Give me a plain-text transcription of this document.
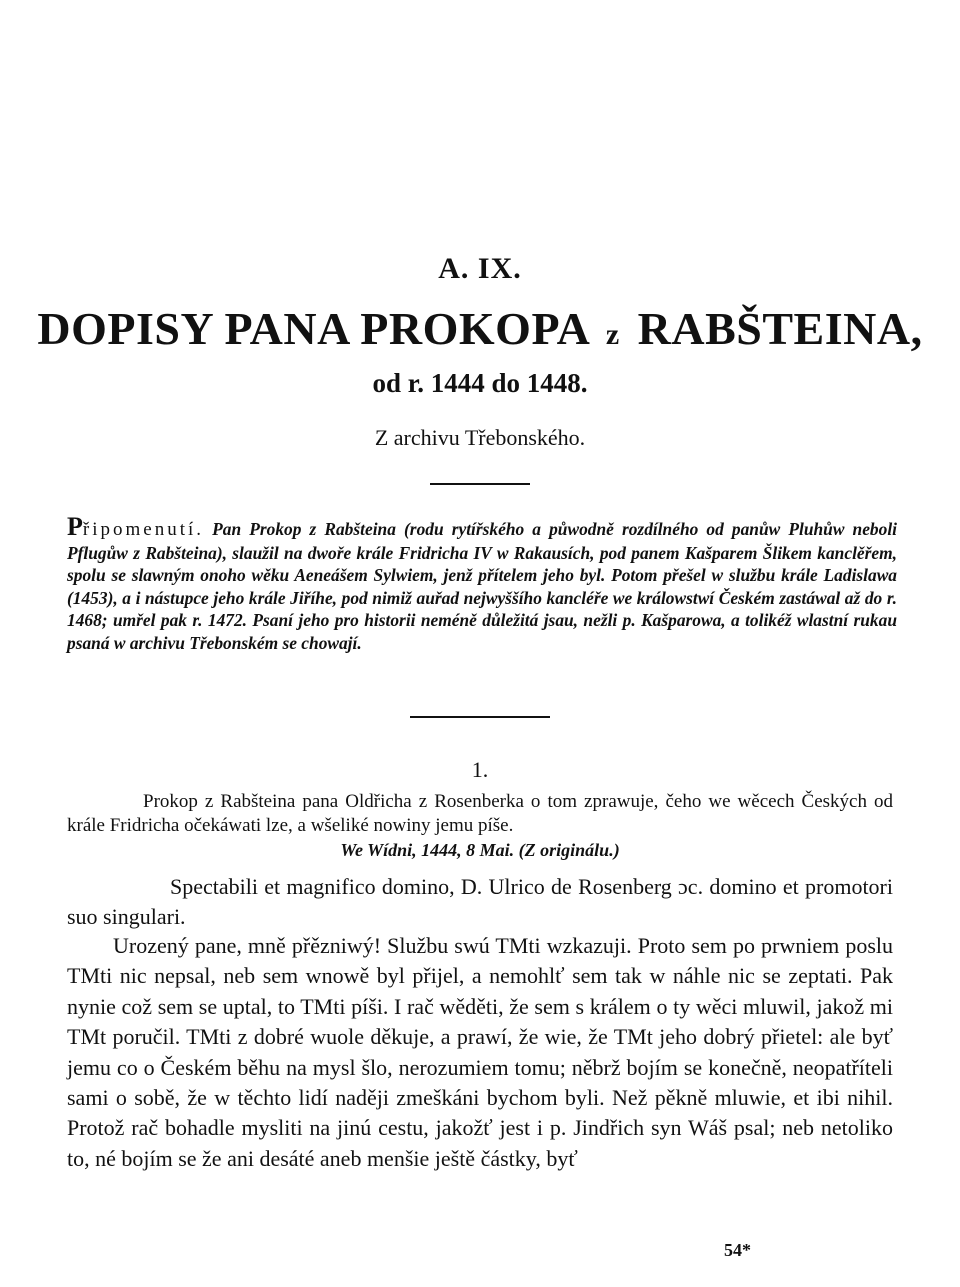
A. IX.
DOPISY PANA PROKOPA z RABŠTEINA,
od r. 1444 do 1448.
Z archivu Třebonského.
Připomenutí. Pan Prokop z Rabšteina (rodu rytířského a půwodně rozdílného od panůw Pluhůw neboli Pflugůw z Rabšteina), slaužil na dwoře krále Fridricha IV w Rakausích, pod panem Kašparem Šlikem kanclěřem, spolu se slawným onoho wěku Aeneášem Sylwiem, jenž přítelem jeho byl. Potom přešel w službu krále Ladislawa (1453), a i nástupce jeho krále Jiříhe, pod nimiž auřad nejwyššího kancléře we králowstwí Českém zastáwal až do r. 1468; umřel pak r. 1472. Psaní jeho pro historii neméně důležitá jsau, nežli p. Kašparowa, a tolikéž wlastní rukau psaná w archivu Třebonském se chowají.
1.
Prokop z Rabšteina pana Oldřicha z Rosenberka o tom zprawuje, čeho we wěcech Českých od krále Fridricha očekáwati lze, a wšeliké nowiny jemu píše.
We Wídni, 1444, 8 Mai. (Z originálu.)
Spectabili et magnifico domino, D. Ulrico de Rosenberg ɔc. domino et promotori suo singulari.
Urozený pane, mně přězniwý! Službu swú TMti wzkazuji. Proto sem po prwniem poslu TMti nic nepsal, neb sem wnowě byl přijel, a nemohlť sem tak w náhle nic se zeptati. Pak nynie což sem se uptal, to TMti píši. I rač wěděti, že sem s králem o ty wěci mluwil, jakož mi TMt poručil. TMti z dobré wuole děkuje, a prawí, že wie, že TMt jeho dobrý přietel: ale byť jemu co o Českém běhu na mysl šlo, nerozumiem tomu; něbrž bojím se konečně, neopatříteli sami o sobě, že w těchto lidí naději zmeškáni bychom byli. Než pěkně mluwie, et ibi nihil. Protož rač bohadle mysliti na jinú cestu, jakožť jest i p. Jindřich syn Wáš psal; neb netoliko to, né bojím se že ani desáté aneb menšie ještě částky, byť
54*
